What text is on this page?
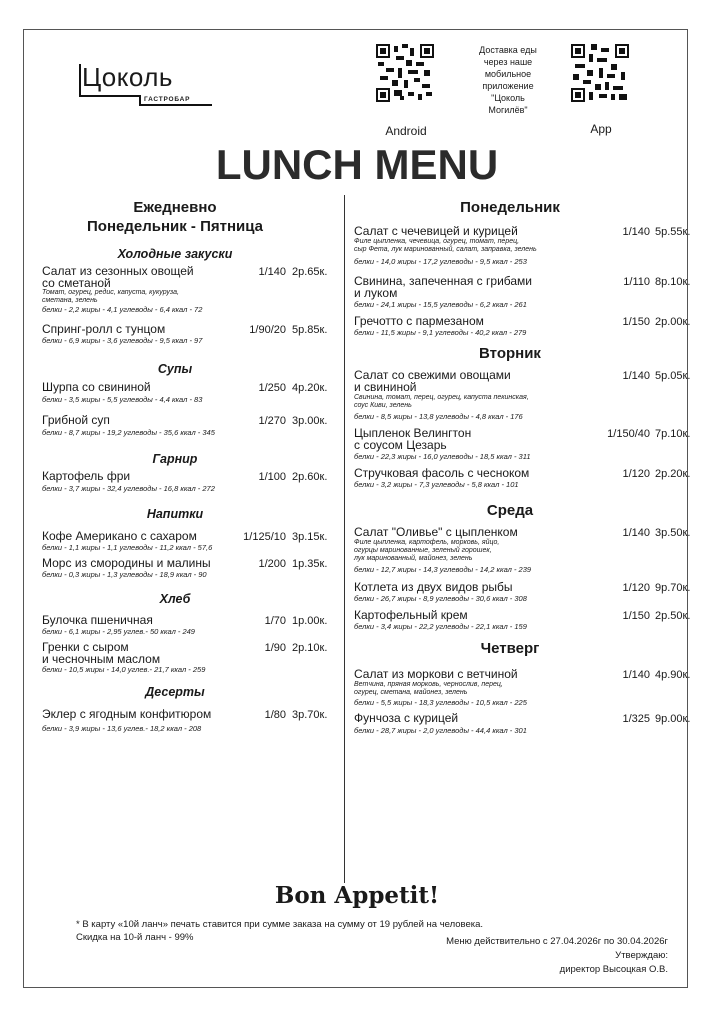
Цоколь
ГАСТРОБАР
Android
Доставка еды
через наше
мобильное
приложение
"Цоколь
Могилёв"
App
LUNCH MENU
Ежедневно
Понедельник - Пятница
Холодные закуски
Салат из сезонных овощей
со сметаной
1/140 2р.65к.
Томат, огурец, редис, капуста, кукуруза,
сметана, зелень
белки - 2,2 жиры - 4,1 углеводы - 6,4 ккал - 72
Спринг-ролл с тунцом	1/90/20 5р.85к.
белки - 6,9 жиры - 3,6 углеводы - 9,5 ккал - 97
Супы
Шурпа со свининой	1/250 4р.20к.
белки - 3,5 жиры - 5,5 углеводы - 4,4 ккал - 83
Грибной суп	1/270 3р.00к.
белки - 8,7 жиры - 19,2 углеводы - 35,6 ккал - 345
Гарнир
Картофель фри	1/100 2р.60к.
белки - 3,7 жиры - 32,4 углеводы - 16,8 ккал - 272
Напитки
Кофе Американо с сахаром	1/125/10 3р.15к.
белки - 1,1 жиры - 1,1 углеводы - 11,2 ккал - 57,6
Морс из смородины и малины	1/200 1р.35к.
белки - 0,3 жиры - 1,3 углеводы - 18,9 ккал - 90
Хлеб
Булочка пшеничная	1/70 1р.00к.
белки - 6,1 жиры - 2,95 углев.- 50 ккал - 249
Гренки с сыром
и чесночным маслом
1/90 2р.10к.
белки - 10,5 жиры - 14,0 углев.- 21,7 ккал - 259
Десерты
Эклер с ягодным конфитюром	1/80 3р.70к.
белки - 3,9 жиры - 13,6 углев.- 18,2 ккал - 208
Понедельник
Салат с чечевицей и курицей	1/140 5р.55к.
Филе цыпленка, чечевица, огурец, томат, перец,
сыр Фета, лук маринованный, салат, заправка, зелень
белки - 14,0 жиры - 17,2 углеводы - 9,5 ккал - 253
Свинина, запеченная с грибами
и луком
1/110 8р.10к.
белки - 24,1 жиры - 15,5 углеводы - 6,2 ккал - 261
Гречотто с пармезаном	1/150 2р.00к.
белки - 11,5 жиры - 9,1 углеводы - 40,2 ккал - 279
Вторник
Салат со свежими овощами
и свининой
1/140 5р.05к.
Свинина, томат, перец, огурец, капуста пекинская,
соус Киви, зелень
белки - 8,5 жиры - 13,8 углеводы - 4,8 ккал - 176
Цыпленок Велингтон
с соусом Цезарь
1/150/40 7р.10к.
белки - 22,3 жиры - 16,0 углеводы - 18,5 ккал - 311
Стручковая фасоль с чесноком	1/120 2р.20к.
белки - 3,2 жиры - 7,3 углеводы - 5,8 ккал - 101
Среда
Салат "Оливье" с цыпленком	1/140 3р.50к.
Филе цыпленка, картофель, морковь, яйцо,
огурцы маринованные, зеленый горошек,
лук маринованный, майонез, зелень
белки - 12,7 жиры - 14,3 углеводы - 14,2 ккал - 239
Котлета из двух видов рыбы	1/120 9р.70к.
белки - 26,7 жиры - 8,9 углеводы - 30,6 ккал - 308
Картофельный крем	1/150 2р.50к.
белки - 3,4 жиры - 22,2 углеводы - 22,1 ккал - 159
Четверг
Салат из моркови с ветчиной	1/140 4р.90к.
Ветчина, пряная морковь, чернослив, перец,
огурец, сметана, майонез, зелень
белки - 5,5 жиры - 18,3 углеводы - 10,5 ккал - 225
Фунчоза с курицей	1/325 9р.00к.
белки - 28,7 жиры - 2,0 углеводы - 44,4 ккал - 301
Bon Appetit!
* В карту «10й ланч» печать ставится при сумме заказа на сумму от 19 рублей на человека.
Скидка на 10-й ланч - 99%	Меню действительно с 27.04.2026г по 30.04.2026г
Утверждаю:
директор Высоцкая О.В.
